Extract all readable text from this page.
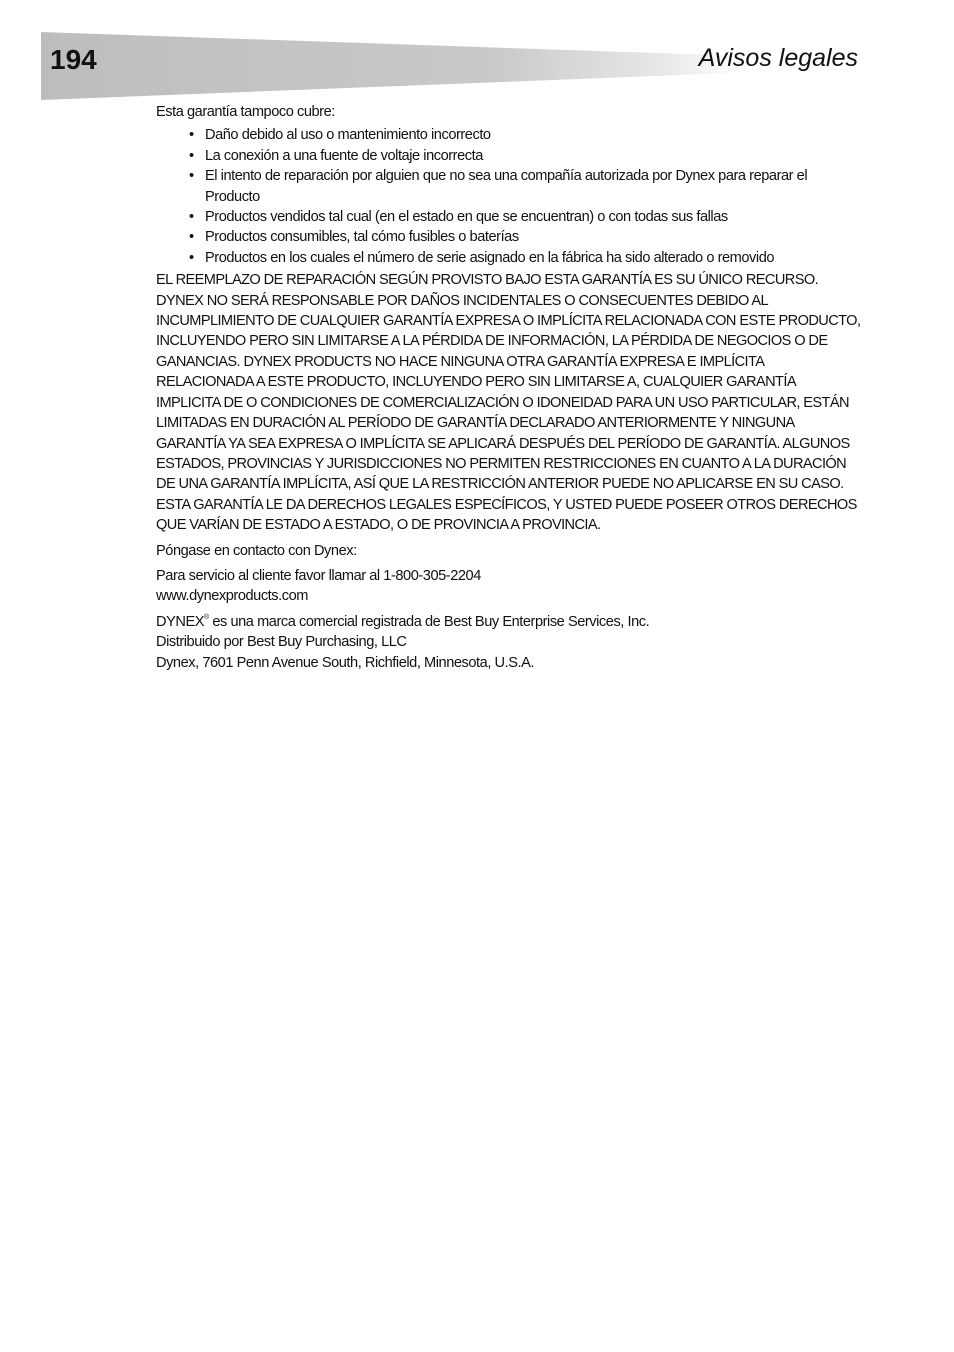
194	Avisos legales

Esta garantía tampoco cubre:

• Daño debido al uso o mantenimiento incorrecto
• La conexión a una fuente de voltaje incorrecta
• El intento de reparación por alguien que no sea una compañía autorizada por Dynex para reparar el Producto
• Productos vendidos tal cual (en el estado en que se encuentran) o con todas sus fallas
• Productos consumibles, tal cómo fusibles o baterías
• Productos en los cuales el número de serie asignado en la fábrica ha sido alterado o removido

EL REEMPLAZO DE REPARACIÓN SEGÚN PROVISTO BAJO ESTA GARANTÍA ES SU ÚNICO RECURSO. DYNEX NO SERÁ RESPONSABLE POR DAÑOS INCIDENTALES O CONSECUENTES DEBIDO AL INCUMPLIMIENTO DE CUALQUIER GARANTÍA EXPRESA O IMPLÍCITA RELACIONADA CON ESTE PRODUCTO, INCLUYENDO PERO SIN LIMITARSE A LA PÉRDIDA DE INFORMACIÓN, LA PÉRDIDA DE NEGOCIOS O DE GANANCIAS. DYNEX PRODUCTS NO HACE NINGUNA OTRA GARANTÍA EXPRESA E IMPLÍCITA RELACIONADA A ESTE PRODUCTO, INCLUYENDO PERO SIN LIMITARSE A, CUALQUIER GARANTÍA IMPLICITA DE O CONDICIONES DE COMERCIALIZACIÓN O IDONEIDAD PARA UN USO PARTICULAR, ESTÁN LIMITADAS EN DURACIÓN AL PERÍODO DE GARANTÍA DECLARADO ANTERIORMENTE Y NINGUNA GARANTÍA YA SEA EXPRESA O IMPLÍCITA SE APLICARÁ DESPUÉS DEL PERÍODO DE GARANTÍA. ALGUNOS ESTADOS, PROVINCIAS Y JURISDICCIONES NO PERMITEN RESTRICCIONES EN CUANTO A LA DURACIÓN DE UNA GARANTÍA IMPLÍCITA, ASÍ QUE LA RESTRICCIÓN ANTERIOR PUEDE NO APLICARSE EN SU CASO. ESTA GARANTÍA LE DA DERECHOS LEGALES ESPECÍFICOS, Y USTED PUEDE POSEER OTROS DERECHOS QUE VARÍAN DE ESTADO A ESTADO, O DE PROVINCIA A PROVINCIA.

Póngase en contacto con Dynex:

Para servicio al cliente favor llamar al 1-800-305-2204

www.dynexproducts.com

DYNEX® es una marca comercial registrada de Best Buy Enterprise Services, Inc.

Distribuido por Best Buy Purchasing, LLC

Dynex, 7601 Penn Avenue South, Richfield, Minnesota, U.S.A.
